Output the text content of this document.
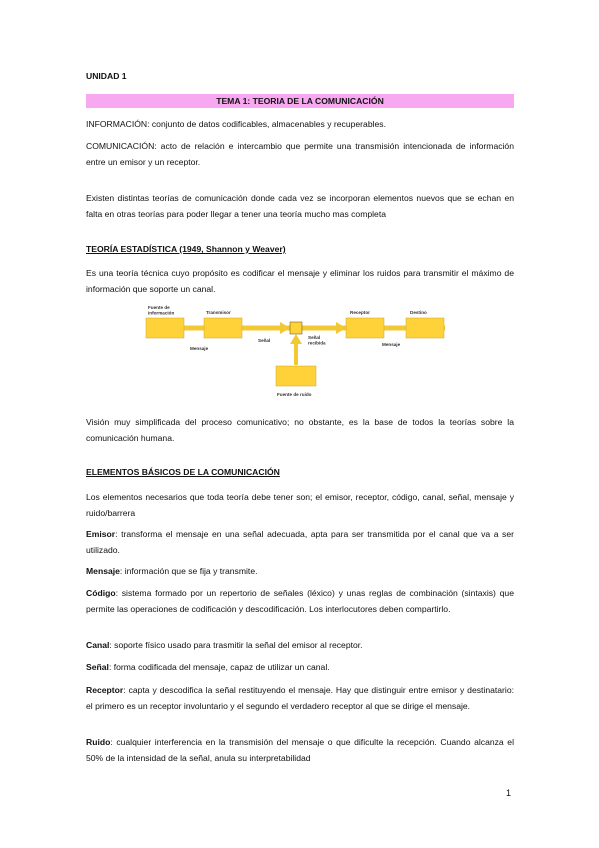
UNIDAD 1
TEMA 1: TEORIA DE LA COMUNICACIÓN
INFORMACIÓN: conjunto de datos codificables, almacenables y recuperables.
COMUNICACIÓN: acto de relación e intercambio que permite una transmisión intencionada de información entre un emisor y un receptor.
Existen distintas teorías de comunicación donde cada vez se incorporan elementos nuevos que se echan en falta en otras teorías para poder llegar a tener una teoría mucho mas completa
TEORÍA ESTADÍSTICA (1949, Shannon y Weaver)
Es una teoría técnica cuyo propósito es codificar el mensaje y eliminar los ruidos para transmitir el máximo de información que soporte un canal.
Fuente de información	Transmisor
Mensaje
Señal
Señal recibida
Receptor	Destino
Mensaje
Fuente de ruido
Visión muy simplificada del proceso comunicativo; no obstante, es la base de todos la teorías sobre la comunicación humana.
ELEMENTOS BÁSICOS DE LA COMUNICACIÓN
Los elementos necesarios que toda teoría debe tener son; el emisor, receptor, código, canal, señal, mensaje y ruido/barrera
Emisor: transforma el mensaje en una señal adecuada, apta para ser transmitida por el canal que va a ser utilizado.
Mensaje: información que se fija y transmite.
Código: sistema formado por un repertorio de señales (léxico) y unas reglas de combinación (sintaxis) que permite las operaciones de codificación y descodificación. Los interlocutores deben compartirlo.
Canal: soporte físico usado para trasmitir la señal del emisor al receptor.
Señal: forma codificada del mensaje, capaz de utilizar un canal.
Receptor: capta y descodifica la señal restituyendo el mensaje. Hay que distinguir entre emisor y destinatario: el primero es un receptor involuntario y el segundo el verdadero receptor al que se dirige el mensaje.
Ruido: cualquier interferencia en la transmisión del mensaje o que dificulte la recepción. Cuando alcanza el 50% de la intensidad de la señal, anula su interpretabilidad
1
